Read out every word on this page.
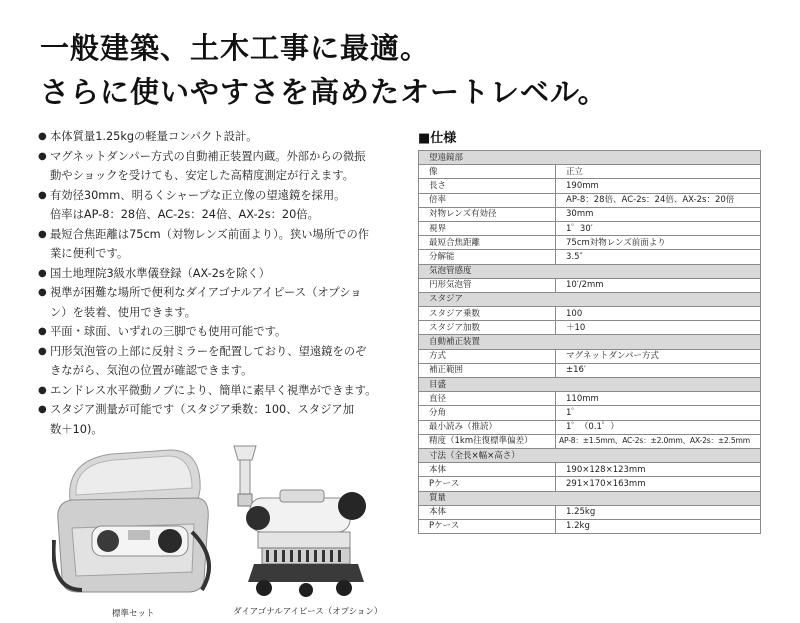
一般建築、土木工事に最適。
さらに使いやすさを高めたオートレベル。
● 本体質量1.25kgの軽量コンパクト設計。
● マグネットダンパー方式の自動補正装置内蔵。外部からの微振
動やショックを受けても、安定した高精度測定が行えます。
● 有効径30mm、明るくシャープな正立像の望遠鏡を採用。
倍率はAP-8：28倍、AC-2s：24倍、AX-2s：20倍。
● 最短合焦距離は75cm（対物レンズ前面より）。狭い場所での作
業に便利です。
● 国土地理院3級水準儀登録（AX-2sを除く）
● 視準が困難な場所で便利なダイアゴナルアイピース（オプショ
ン）を装着、使用できます。
● 平面・球面、いずれの三脚でも使用可能です。
● 円形気泡管の上部に反射ミラーを配置しており、望遠鏡をのぞ
きながら、気泡の位置が確認できます。
● エンドレス水平微動ノブにより、簡単に素早く視準ができます。
● スタジア測量が可能です（スタジア乗数：100、スタジア加
数＋10)。
標準セット	ダイアゴナルアイピース（オプション）
■仕様
望遠鏡部	
像	正立
長さ	190mm
倍率	AP-8：28倍、AC-2s：24倍、AX-2s：20倍
対物レンズ有効径	30mm
視界	1゜30′
最短合焦距離	75cm対物レンズ前面より
分解能	3.5″
気泡管感度	
円形気泡管	10′/2mm
スタジア	
スタジア乗数	100
スタジア加数	＋10
自動補正装置	
方式	マグネットダンパー方式
補正範囲	±16′
目盛	
直径	110mm
分角	1゜
最小読み（推読）	1゜（0.1゜）
精度（1km往復標準偏差）	AP-8：±1.5mm、AC-2s：±2.0mm、AX-2s：±2.5mm
寸法（全長×幅×高さ）	
本体	190×128×123mm
Pケース	291×170×163mm
質量	
本体	1.25kg
Pケース	1.2kg
